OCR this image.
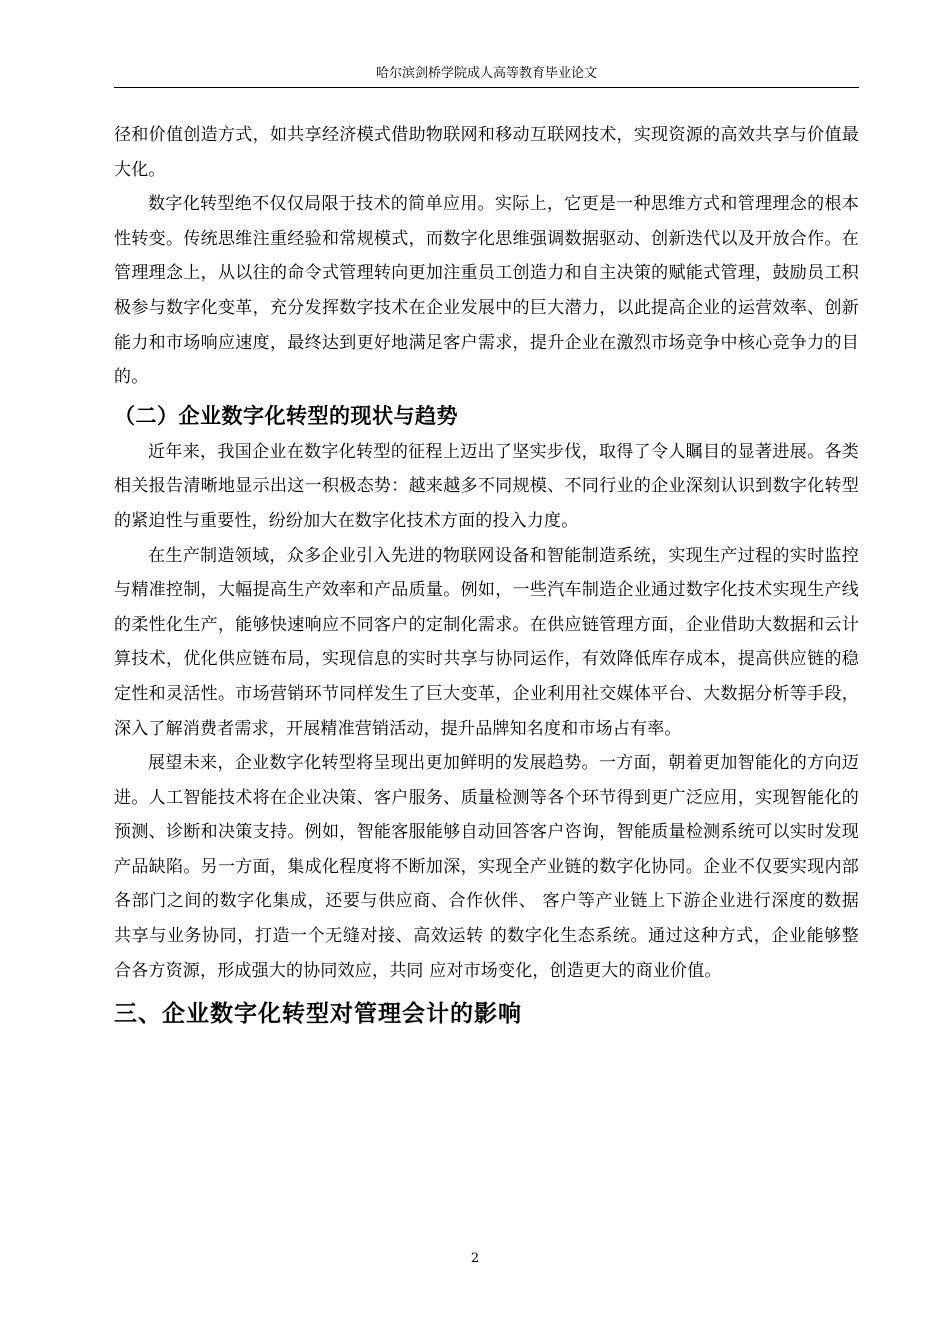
哈尔滨剑桥学院成人高等教育毕业论文

径和价值创造方式，如共享经济模式借助物联网和移动互联网技术，实现资源的高效共享与价值最大化。

数字化转型绝不仅仅局限于技术的简单应用。实际上，它更是一种思维方式和管理理念的根本性转变。传统思维注重经验和常规模式，而数字化思维强调数据驱动、创新迭代以及开放合作。在管理理念上，从以往的命令式管理转向更加注重员工创造力和自主决策的赋能式管理，鼓励员工积极参与数字化变革，充分发挥数字技术在企业发展中的巨大潜力，以此提高企业的运营效率、创新能力和市场响应速度，最终达到更好地满足客户需求，提升企业在激烈市场竞争中核心竞争力的目的。

（二）企业数字化转型的现状与趋势

近年来，我国企业在数字化转型的征程上迈出了坚实步伐，取得了令人瞩目的显著进展。各类相关报告清晰地显示出这一积极态势：越来越多不同规模、不同行业的企业深刻认识到数字化转型的紧迫性与重要性，纷纷加大在数字化技术方面的投入力度。

在生产制造领域，众多企业引入先进的物联网设备和智能制造系统，实现生产过程的实时监控与精准控制，大幅提高生产效率和产品质量。例如，一些汽车制造企业通过数字化技术实现生产线的柔性化生产，能够快速响应不同客户的定制化需求。在供应链管理方面，企业借助大数据和云计算技术，优化供应链布局，实现信息的实时共享与协同运作，有效降低库存成本，提高供应链的稳定性和灵活性。市场营销环节同样发生了巨大变革，企业利用社交媒体平台、大数据分析等手段，深入了解消费者需求，开展精准营销活动，提升品牌知名度和市场占有率。

展望未来，企业数字化转型将呈现出更加鲜明的发展趋势。一方面，朝着更加智能化的方向迈进。人工智能技术将在企业决策、客户服务、质量检测等各个环节得到更广泛应用，实现智能化的预测、诊断和决策支持。例如，智能客服能够自动回答客户咨询，智能质量检测系统可以实时发现产品缺陷。另一方面，集成化程度将不断加深，实现全产业链的数字化协同。企业不仅要实现内部各部门之间的数字化集成，还要与供应商、合作伙伴、 客户等产业链上下游企业进行深度的数据共享与业务协同，打造一个无缝对接、高效运转 的数字化生态系统。通过这种方式，企业能够整合各方资源，形成强大的协同效应，共同 应对市场变化，创造更大的商业价值。

三、企业数字化转型对管理会计的影响
2
